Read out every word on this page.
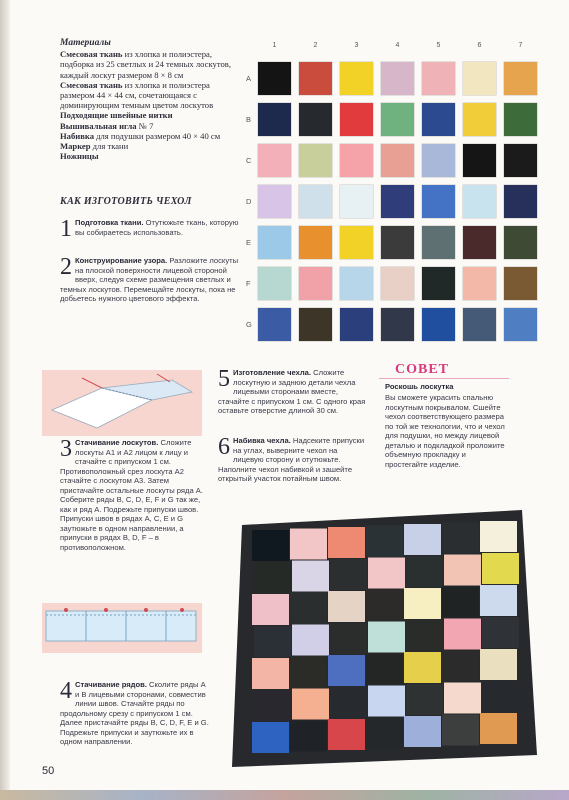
Материалы
Смесовая ткань из хлопка и полиэстера, подборка из 25 светлых и 24 темных лоскутов, каждый лоскут размером 8 × 8 см
Смесовая ткань из хлопка и полиэстера размером 44 × 44 см, сочетающаяся с доминирующим темным цветом лоскутов
Подходящие швейные нитки
Вышивальная игла № 7
Набивка для подушки размером 40 × 40 см
Маркер для ткани
Ножницы
КАК ИЗГОТОВИТЬ ЧЕХОЛ
1 Подготовка ткани. Отутюжьте ткань, которую вы собираетесь использовать.
2 Конструирование узора. Разложите лоскуты на плоской поверхности лицевой стороной вверх, следуя схеме размещения светлых и темных лоскутов. Перемещайте лоскуты, пока не добьетесь нужного цветового эффекта.
3 Стачивание лоскутов. Сложите лоскуты A1 и A2 лицом к лицу и стачайте с припуском 1 см. Противоположный срез лоскута A2 стачайте с лоскутом A3. Затем пристачайте остальные лоскуты ряда A. Соберите ряды B, C, D, E, F и G так же, как и ряд A. Подрежьте припуски швов. Припуски швов в рядах A, C, E и G заутюжьте в одном направлении, а припуски в рядах B, D, F – в противоположном.
4 Стачивание рядов. Сколите ряды A и B лицевыми сторонами, совместив линии швов. Стачайте ряды по продольному срезу с припуском 1 см. Далее пристачайте ряды B, C, D, F, E и G. Подрежьте припуски и заутюжьте их в одном направлении.
5 Изготовление чехла. Сложите лоскутную и заднюю детали чехла лицевыми сторонами вместе, стачайте с припуском 1 см. С одного края оставьте отверстие длиной 30 см.
6 Набивка чехла. Надсеките припуски на углах, выверните чехол на лицевую сторону и отутюжьте. Наполните чехол набивкой и зашейте открытый участок потайным швом.
СОВЕТ
Роскошь лоскутка
Вы сможете украсить спальню лоскутным покрывалом. Сшейте чехол соответствующего размера по той же технологии, что и чехол для подушки, но между лицевой деталью и подкладкой проложите объемную прокладку и простегайте изделие.
1	2	3	4	5	6	7
A
B
C
D
E
F
G
50
